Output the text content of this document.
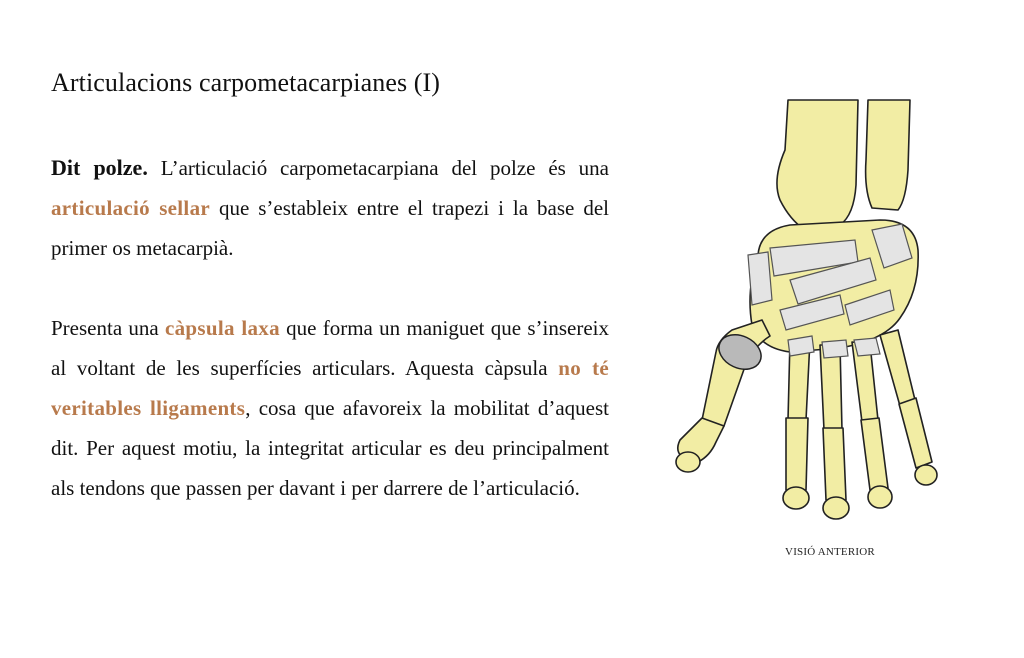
Articulacions carpometacarpianes (I)

Dit polze. L’articulació carpometacarpiana del polze és una articulació sellar que s’estableix entre el trapezi i la base del primer os metacarpià.

Presenta una càpsula laxa que forma un maniguet que s’insereix al voltant de les superfícies articulars. Aquesta càpsula no té veritables lligaments, cosa que afavoreix la mobilitat d’aquest dit. Per aquest motiu, la integritat articular es deu principalment als tendons que passen per davant i per darrere de l’articulació.

VISIÓ ANTERIOR
